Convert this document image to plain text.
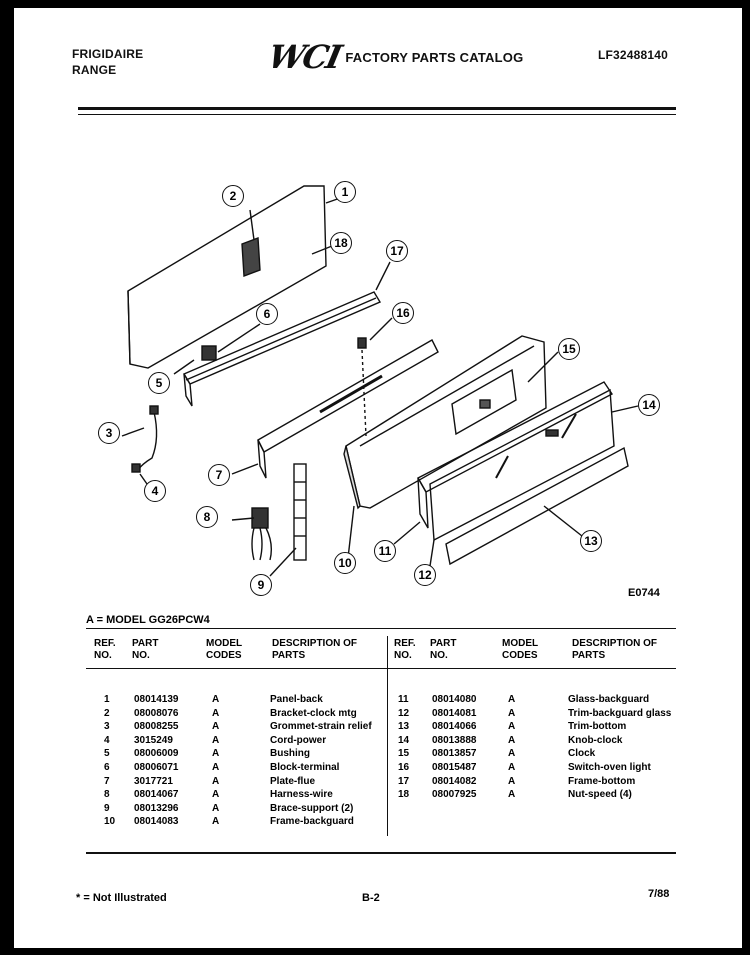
FRIGIDAIRE
RANGE	WCI FACTORY PARTS CATALOG	LF32488140
1
2
3
4
5
6
7
8
9
10
11
12
13
14
15
16
17
18
E0744
A = MODEL GG26PCW4
REF. NO.
PART NO.
MODEL CODES
DESCRIPTION OF PARTS
REF. NO.
PART NO.
MODEL CODES
DESCRIPTION OF PARTS
1 08014139	A	Panel-back
2 08008076	A	Bracket-clock mtg
3 08008255	A	Grommet-strain relief
4 3015249	A	Cord-power
5 08006009	A	Bushing
6 08006071	A	Block-terminal
7 3017721	A	Plate-flue
8 08014067	A	Harness-wire
9 08013296	A	Brace-support (2)
10 08014083	A	Frame-backguard
11 08014080	A	Glass-backguard
12 08014081	A	Trim-backguard glass
13 08014066	A	Trim-bottom
14 08013888	A	Knob-clock
15 08013857	A	Clock
16 08015487	A	Switch-oven light
17 08014082	A	Frame-bottom
18 08007925	A	Nut-speed (4)
* = Not Illustrated	B-2	7/88
